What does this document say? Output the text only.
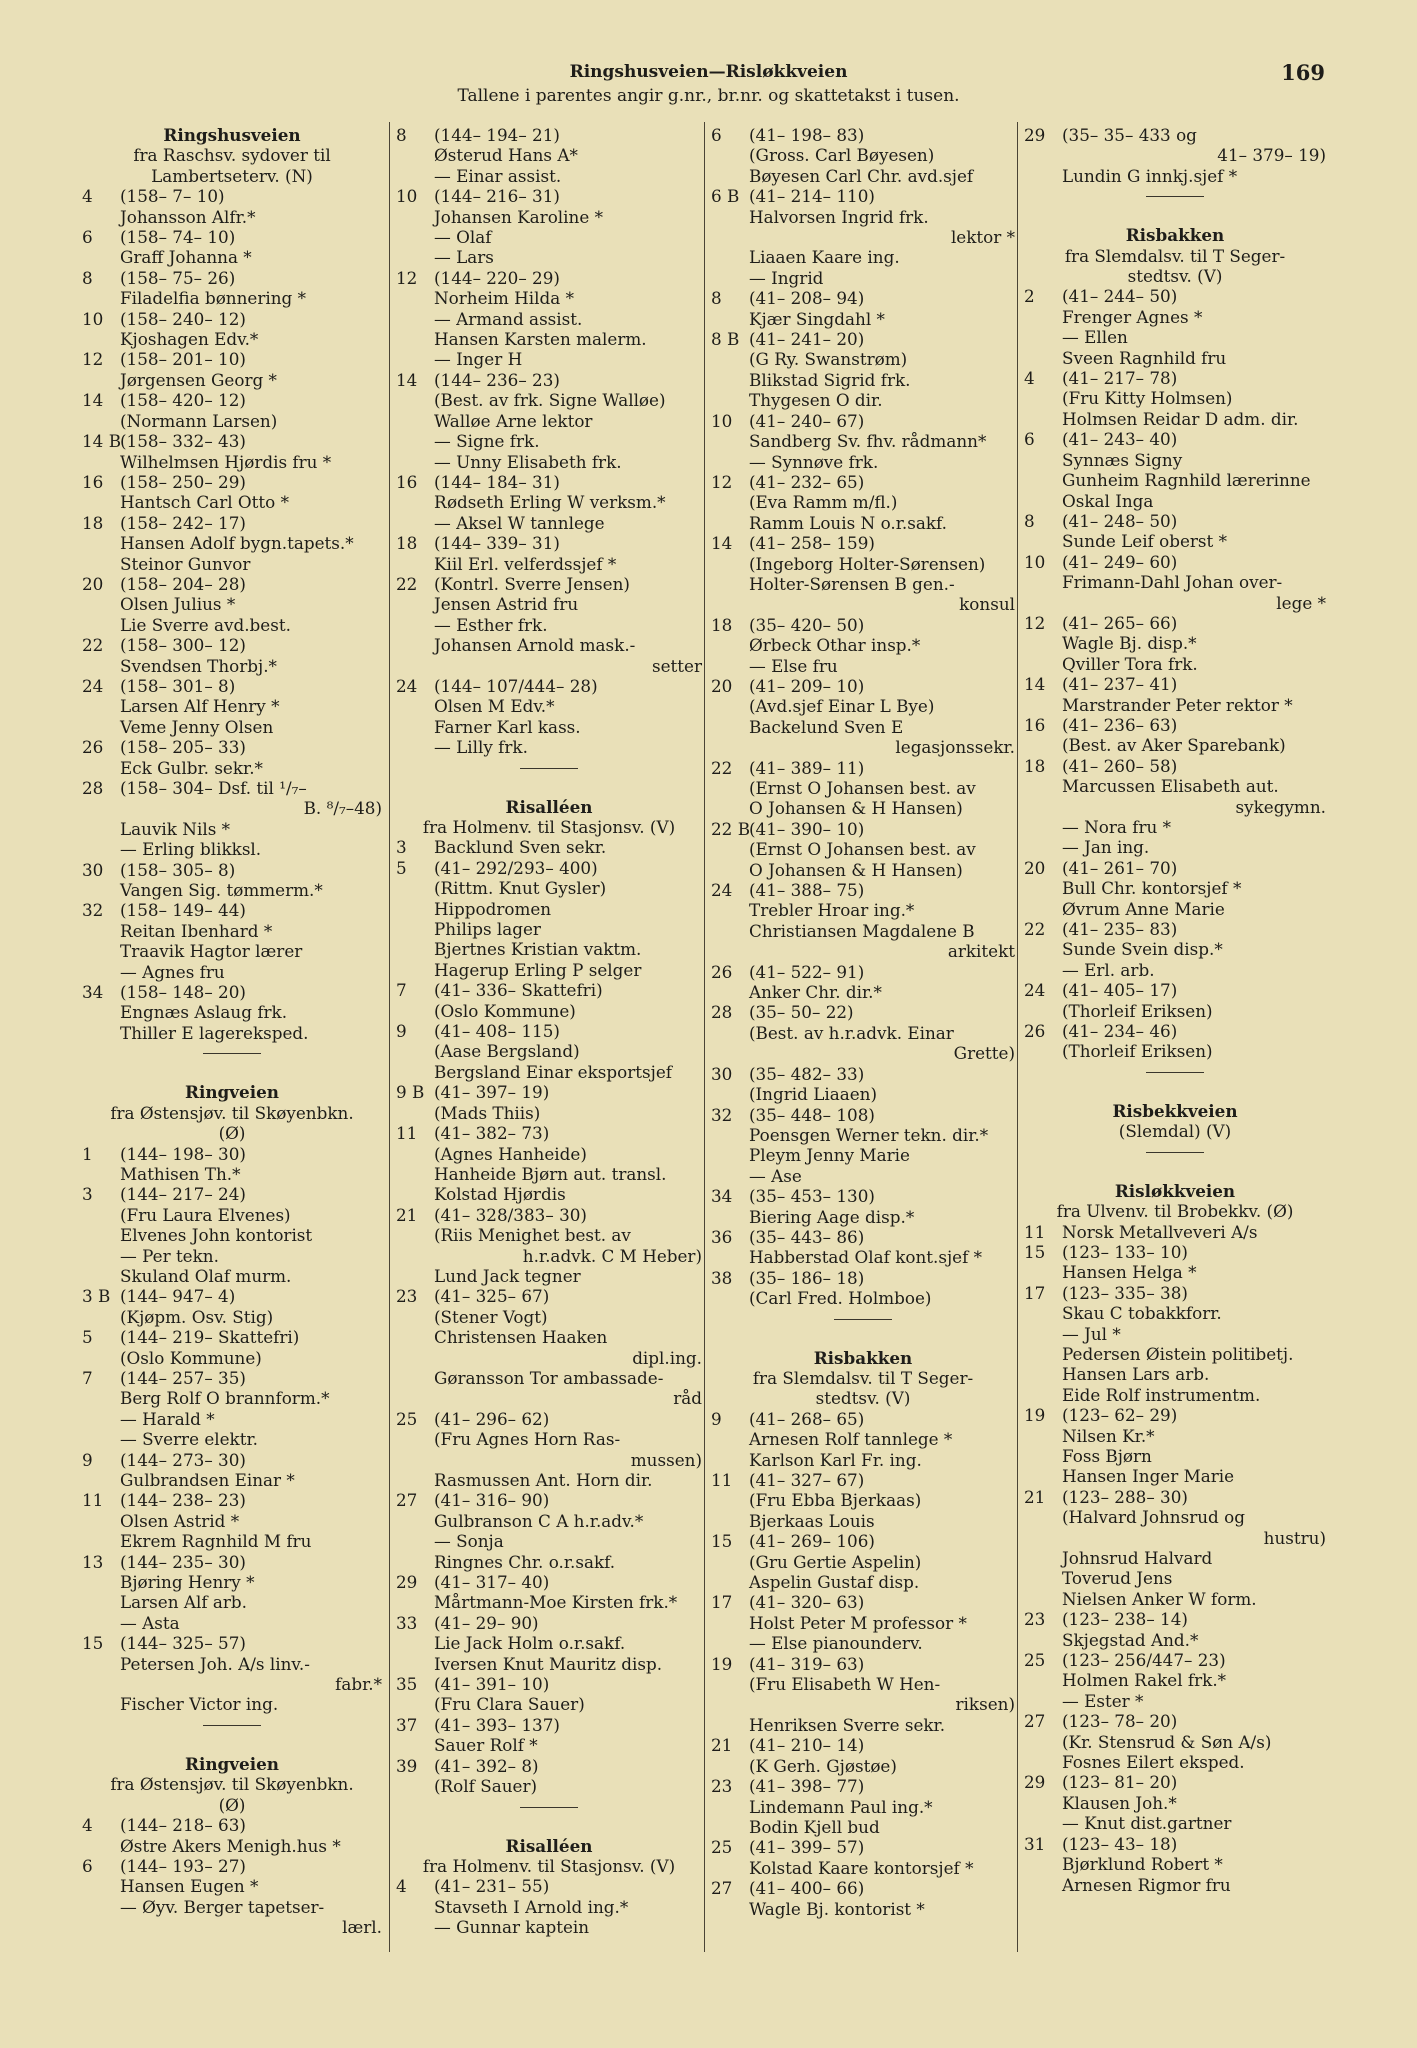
Ringshusveien—Risløkkveien	169
Tallene i parentes angir g.nr., br.nr. og skattetakst i tusen.
Ringshusveien
fra Raschsv. sydover til
Lambertseterv. (N)
4	(158– 7– 10)
Johansson Alfr.*
6	(158– 74– 10)
Graff Johanna *
8	(158– 75– 26)
Filadelfia bønnering *
10 (158– 240– 12)
Kjoshagen Edv.*
12 (158– 201– 10)
Jørgensen Georg *
14 (158– 420– 12)
(Normann Larsen)
14 B
(158– 332– 43)
Wilhelmsen Hjørdis fru *
16 (158– 250– 29)
Hantsch Carl Otto *
18 (158– 242– 17)
Hansen Adolf bygn.tapets.*
Steinor Gunvor
20 (158– 204– 28)
Olsen Julius *
Lie Sverre avd.best.
22 (158– 300– 12)
Svendsen Thorbj.*
24 (158– 301– 8)
Larsen Alf Henry *
Veme Jenny Olsen
26 (158– 205– 33)
Eck Gulbr. sekr.*
28 (158– 304– Dsf. til ¹/₇–
B. ⁸/₇–48)
Lauvik Nils *
— Erling blikksl.
30 (158– 305– 8)
Vangen Sig. tømmerm.*
32 (158– 149– 44)
Reitan Ibenhard *
Traavik Hagtor lærer
— Agnes fru
34 (158– 148– 20)
Engnæs Aslaug frk.
Thiller E lagereksped.
Ringveien
fra Østensjøv. til Skøyenbkn.
(Ø)
1	(144– 198– 30)
Mathisen Th.*
3	(144– 217– 24)
(Fru Laura Elvenes)
Elvenes John kontorist
— Per tekn.
Skuland Olaf murm.
3 B (144– 947– 4)
(Kjøpm. Osv. Stig)
5	(144– 219– Skattefri)
(Oslo Kommune)
7	(144– 257– 35)
Berg Rolf O brannform.*
— Harald *
— Sverre elektr.
9	(144– 273– 30)
Gulbrandsen Einar *
11 (144– 238– 23)
Olsen Astrid *
Ekrem Ragnhild M fru
13 (144– 235– 30)
Bjøring Henry *
Larsen Alf arb.
— Asta
15 (144– 325– 57)
Petersen Joh. A/s linv.-
fabr.*
Fischer Victor ing.
Ringveien
fra Østensjøv. til Skøyenbkn.
(Ø)
4	(144– 218– 63)
Østre Akers Menigh.hus *
6	(144– 193– 27)
Hansen Eugen *
— Øyv. Berger tapetser-
lærl.
8	(144– 194– 21)
Østerud Hans A*
— Einar assist.
10 (144– 216– 31)
Johansen Karoline *
— Olaf
— Lars
12 (144– 220– 29)
Norheim Hilda *
— Armand assist.
Hansen Karsten malerm.
— Inger H
14 (144– 236– 23)
(Best. av frk. Signe Walløe)
Walløe Arne lektor
— Signe frk.
— Unny Elisabeth frk.
16 (144– 184– 31)
Rødseth Erling W verksm.*
— Aksel W tannlege
18 (144– 339– 31)
Kiil Erl. velferdssjef *
22 (Kontrl. Sverre Jensen)
Jensen Astrid fru
— Esther frk.
Johansen Arnold mask.-
setter
24 (144– 107/444– 28)
Olsen M Edv.*
Farner Karl kass.
— Lilly frk.
Risalléen
fra Holmenv. til Stasjonsv. (V)
3	Backlund Sven sekr.
5	(41– 292/293– 400)
(Rittm. Knut Gysler)
Hippodromen
Philips lager
Bjertnes Kristian vaktm.
Hagerup Erling P selger
7	(41– 336– Skattefri)
(Oslo Kommune)
9	(41– 408– 115)
(Aase Bergsland)
Bergsland Einar eksportsjef
9 B (41– 397– 19)
(Mads Thiis)
11 (41– 382– 73)
(Agnes Hanheide)
Hanheide Bjørn aut. transl.
Kolstad Hjørdis
21 (41– 328/383– 30)
(Riis Menighet best. av
h.r.advk. C M Heber)
Lund Jack tegner
23 (41– 325– 67)
(Stener Vogt)
Christensen Haaken
dipl.ing.
Gøransson Tor ambassade-
råd
25 (41– 296– 62)
(Fru Agnes Horn Ras-
mussen)
Rasmussen Ant. Horn dir.
27 (41– 316– 90)
Gulbranson C A h.r.adv.*
— Sonja
Ringnes Chr. o.r.sakf.
29 (41– 317– 40)
Mårtmann-Moe Kirsten frk.*
33 (41– 29– 90)
Lie Jack Holm o.r.sakf.
Iversen Knut Mauritz disp.
35 (41– 391– 10)
(Fru Clara Sauer)
37 (41– 393– 137)
Sauer Rolf *
39 (41– 392– 8)
(Rolf Sauer)
Risalléen
fra Holmenv. til Stasjonsv. (V)
4	(41– 231– 55)
Stavseth I Arnold ing.*
— Gunnar kaptein
6	(41– 198– 83)
(Gross. Carl Bøyesen)
Bøyesen Carl Chr. avd.sjef
6 B (41– 214– 110)
Halvorsen Ingrid frk.
lektor *
Liaaen Kaare ing.
— Ingrid
8	(41– 208– 94)
Kjær Singdahl *
8 B (41– 241– 20)
(G Ry. Swanstrøm)
Blikstad Sigrid frk.
Thygesen O dir.
10 (41– 240– 67)
Sandberg Sv. fhv. rådmann*
— Synnøve frk.
12 (41– 232– 65)
(Eva Ramm m/fl.)
Ramm Louis N o.r.sakf.
14 (41– 258– 159)
(Ingeborg Holter-Sørensen)
Holter-Sørensen B gen.-
konsul
18 (35– 420– 50)
Ørbeck Othar insp.*
— Else fru
20 (41– 209– 10)
(Avd.sjef Einar L Bye)
Backelund Sven E
legasjonssekr.
22 (41– 389– 11)
(Ernst O Johansen best. av
O Johansen & H Hansen)
22 B
(41– 390– 10)
(Ernst O Johansen best. av
O Johansen & H Hansen)
24 (41– 388– 75)
Trebler Hroar ing.*
Christiansen Magdalene B
arkitekt
26 (41– 522– 91)
Anker Chr. dir.*
28 (35– 50– 22)
(Best. av h.r.advk. Einar
Grette)
30 (35– 482– 33)
(Ingrid Liaaen)
32 (35– 448– 108)
Poensgen Werner tekn. dir.*
Pleym Jenny Marie
— Ase
34 (35– 453– 130)
Biering Aage disp.*
36 (35– 443– 86)
Habberstad Olaf kont.sjef *
38 (35– 186– 18)
(Carl Fred. Holmboe)
Risbakken
fra Slemdalsv. til T Seger-
stedtsv. (V)
9	(41– 268– 65)
Arnesen Rolf tannlege *
Karlson Karl Fr. ing.
11 (41– 327– 67)
(Fru Ebba Bjerkaas)
Bjerkaas Louis
15 (41– 269– 106)
(Gru Gertie Aspelin)
Aspelin Gustaf disp.
17 (41– 320– 63)
Holst Peter M professor *
— Else pianounderv.
19 (41– 319– 63)
(Fru Elisabeth W Hen-
riksen)
Henriksen Sverre sekr.
21 (41– 210– 14)
(K Gerh. Gjøstøe)
23 (41– 398– 77)
Lindemann Paul ing.*
Bodin Kjell bud
25 (41– 399– 57)
Kolstad Kaare kontorsjef *
27 (41– 400– 66)
Wagle Bj. kontorist *
29 (35– 35– 433 og
41– 379– 19)
Lundin G innkj.sjef *
Risbakken
fra Slemdalsv. til T Seger-
stedtsv. (V)
2	(41– 244– 50)
Frenger Agnes *
— Ellen
Sveen Ragnhild fru
4	(41– 217– 78)
(Fru Kitty Holmsen)
Holmsen Reidar D adm. dir.
6	(41– 243– 40)
Synnæs Signy
Gunheim Ragnhild lærerinne
Oskal Inga
8	(41– 248– 50)
Sunde Leif oberst *
10 (41– 249– 60)
Frimann-Dahl Johan over-
lege *
12 (41– 265– 66)
Wagle Bj. disp.*
Qviller Tora frk.
14 (41– 237– 41)
Marstrander Peter rektor *
16 (41– 236– 63)
(Best. av Aker Sparebank)
18 (41– 260– 58)
Marcussen Elisabeth aut.
sykegymn.
— Nora fru *
— Jan ing.
20 (41– 261– 70)
Bull Chr. kontorsjef *
Øvrum Anne Marie
22 (41– 235– 83)
Sunde Svein disp.*
— Erl. arb.
24 (41– 405– 17)
(Thorleif Eriksen)
26 (41– 234– 46)
(Thorleif Eriksen)
Risbekkveien
(Slemdal) (V)
Risløkkveien
fra Ulvenv. til Brobekkv. (Ø)
11 Norsk Metallveveri A/s
15 (123– 133– 10)
Hansen Helga *
17 (123– 335– 38)
Skau C tobakkforr.
— Jul *
Pedersen Øistein politibetj.
Hansen Lars arb.
Eide Rolf instrumentm.
19 (123– 62– 29)
Nilsen Kr.*
Foss Bjørn
Hansen Inger Marie
21 (123– 288– 30)
(Halvard Johnsrud og
hustru)
Johnsrud Halvard
Toverud Jens
Nielsen Anker W form.
23 (123– 238– 14)
Skjegstad And.*
25 (123– 256/447– 23)
Holmen Rakel frk.*
— Ester *
27 (123– 78– 20)
(Kr. Stensrud & Søn A/s)
Fosnes Eilert eksped.
29 (123– 81– 20)
Klausen Joh.*
— Knut dist.gartner
31 (123– 43– 18)
Bjørklund Robert *
Arnesen Rigmor fru
